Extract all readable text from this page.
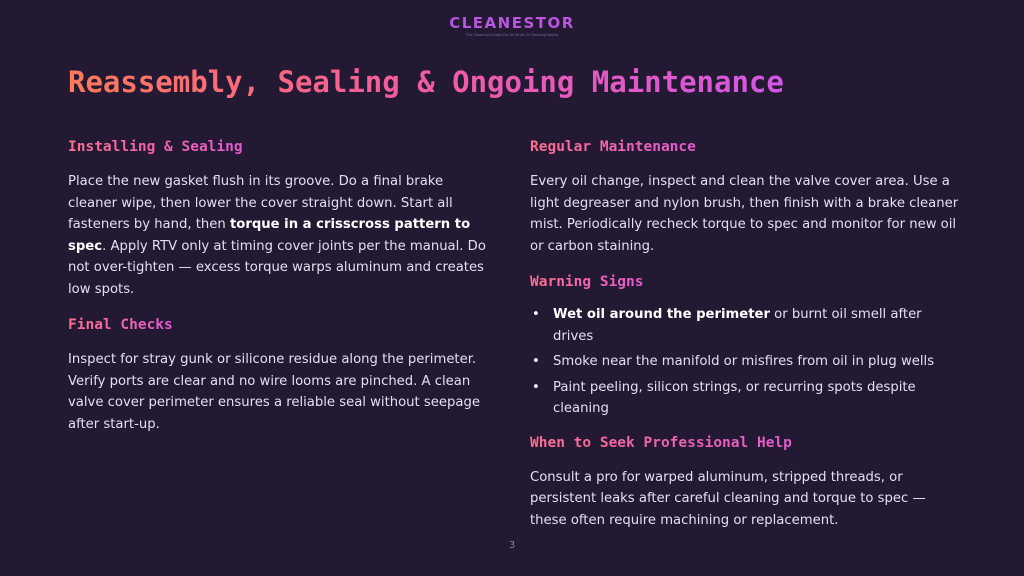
CLEANESTOR
The Cleaning Guides For All Kinds Of Cleaning Needs
Reassembly, Sealing & Ongoing Maintenance
Installing & Sealing

Place the new gasket flush in its groove. Do a final brake cleaner wipe, then lower the cover straight down. Start all fasteners by hand, then torque in a crisscross pattern to spec. Apply RTV only at timing cover joints per the manual. Do not over-tighten — excess torque warps aluminum and creates low spots.

Final Checks

Inspect for stray gunk or silicone residue along the perimeter. Verify ports are clear and no wire looms are pinched. A clean valve cover perimeter ensures a reliable seal without seepage after start-up.

Regular Maintenance

Every oil change, inspect and clean the valve cover area. Use a light degreaser and nylon brush, then finish with a brake cleaner mist. Periodically recheck torque to spec and monitor for new oil or carbon staining.

Warning Signs
• Wet oil around the perimeter or burnt oil smell after drives
• Smoke near the manifold or misfires from oil in plug wells
• Paint peeling, silicon strings, or recurring spots despite cleaning
When to Seek Professional Help

Consult a pro for warped aluminum, stripped threads, or persistent leaks after careful cleaning and torque to spec — these often require machining or replacement.

3
